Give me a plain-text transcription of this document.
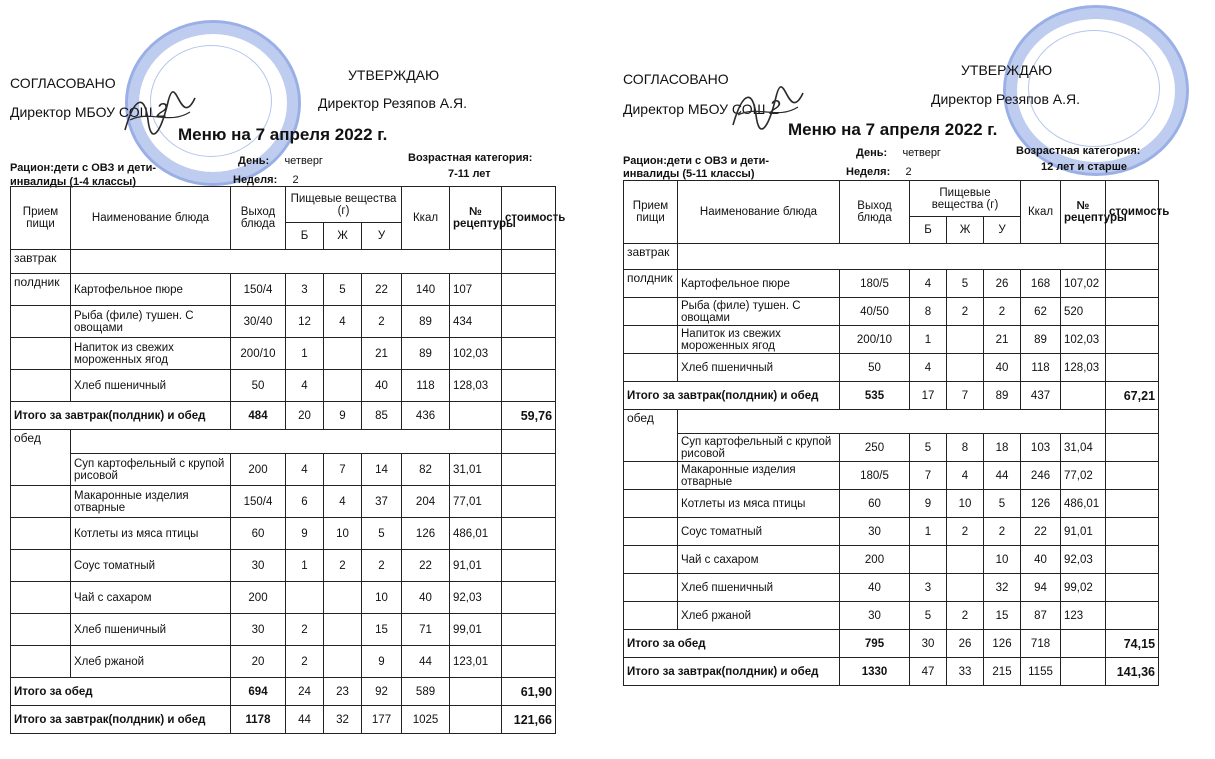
СОГЛАСОВАНО
Директор МБОУ СОШ 2
УТВЕРЖДАЮ
Директор Резяпов А.Я.
Меню на 7 апреля 2022 г.
Рацион:дети с ОВЗ и дети-
инвалиды (1-4 классы)
День: четверг
Неделя: 2
Возрастная категория:
7-11 лет
Прием пищи	Наименование блюда	Выход блюда	Пищевые вещества (г)			Ккал	№ рецептуры	стоимость
			Б	Ж	У			
завтрак								
полдник	Картофельное пюре	150/4	3	5	22	140	107	
	Рыба (филе) тушен. С овощами	30/40	12	4	2	89	434	
	Напиток из свежих мороженных ягод	200/10	1		21	89	102,03	
	Хлеб пшеничный	50	4		40	118	128,03	
Итого за завтрак(полдник) и обед		484	20	9	85	436		59,76
обед								
	Суп картофельный с крупой рисовой	200	4	7	14	82	31,01	
	Макаронные изделия отварные	150/4	6	4	37	204	77,01	
	Котлеты из мяса птицы	60	9	10	5	126	486,01	
	Соус томатный	30	1	2	2	22	91,01	
	Чай с сахаром	200			10	40	92,03	
	Хлеб пшеничный	30	2		15	71	99,01	
	Хлеб ржаной	20	2		9	44	123,01	
Итого за обед		694	24	23	92	589		61,90
Итого за завтрак(полдник) и обед		1178	44	32	177	1025		121,66
СОГЛАСОВАНО
Директор МБОУ СОШ 2
УТВЕРЖДАЮ
Директор Резяпов А.Я.
Меню на 7 апреля 2022 г.
Рацион:дети с ОВЗ и дети-
инвалиды (5-11 классы)
День: четверг
Неделя: 2
Возрастная категория:
12 лет и старше
Прием пищи	Наименование блюда	Выход блюда	Пищевые вещества (г)			Ккал	№ рецептуры	стоимость
			Б	Ж	У			
завтрак								
полдник	Картофельное пюре	180/5	4	5	26	168	107,02	
	Рыба (филе) тушен. С овощами	40/50	8	2	2	62	520	
	Напиток из свежих мороженных ягод	200/10	1		21	89	102,03	
	Хлеб пшеничный	50	4		40	118	128,03	
Итого за завтрак(полдник) и обед		535	17	7	89	437		67,21
обед								
	Суп картофельный с крупой рисовой	250	5	8	18	103	31,04	
	Макаронные изделия отварные	180/5	7	4	44	246	77,02	
	Котлеты из мяса птицы	60	9	10	5	126	486,01	
	Соус томатный	30	1	2	2	22	91,01	
	Чай с сахаром	200			10	40	92,03	
	Хлеб пшеничный	40	3		32	94	99,02	
	Хлеб ржаной	30	5	2	15	87	123	
Итого за обед		795	30	26	126	718		74,15
Итого за завтрак(полдник) и обед		1330	47	33	215	1155		141,36
